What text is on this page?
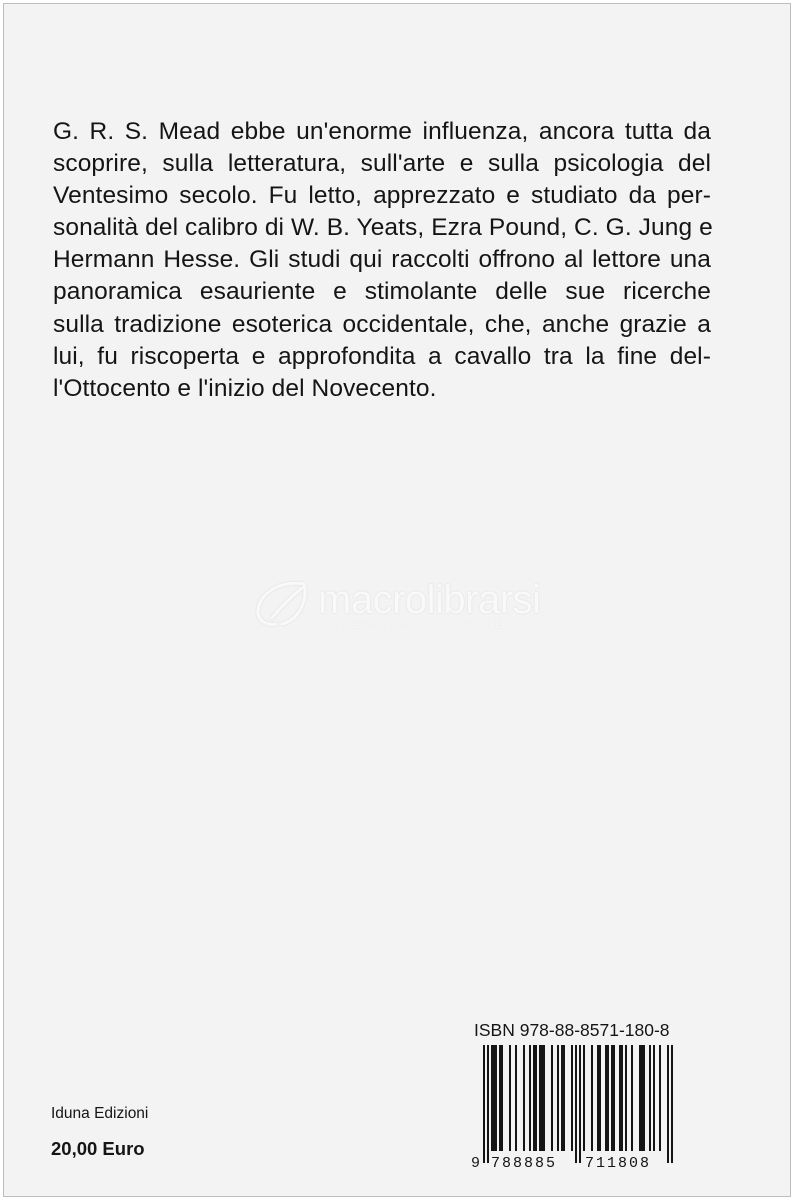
G. R. S. Mead ebbe un'enorme influenza, ancora tutta da
scoprire, sulla letteratura, sull'arte e sulla psicologia del
Ventesimo secolo. Fu letto, apprezzato e studiato da per-
sonalità del calibro di W. B. Yeats, Ezra Pound, C. G. Jung e
Hermann Hesse. Gli studi qui raccolti offrono al lettore una
panoramica esauriente e stimolante delle sue ricerche
sulla tradizione esoterica occidentale, che, anche grazie a
lui, fu riscoperta e approfondita a cavallo tra la fine del-
l'Ottocento e l'inizio del Novecento.

macrolibrarsi
ALTERNATIVA NATURALE
ISBN 978-88-8571-180-8
9 788885 711808
Iduna Edizioni
20,00 Euro
